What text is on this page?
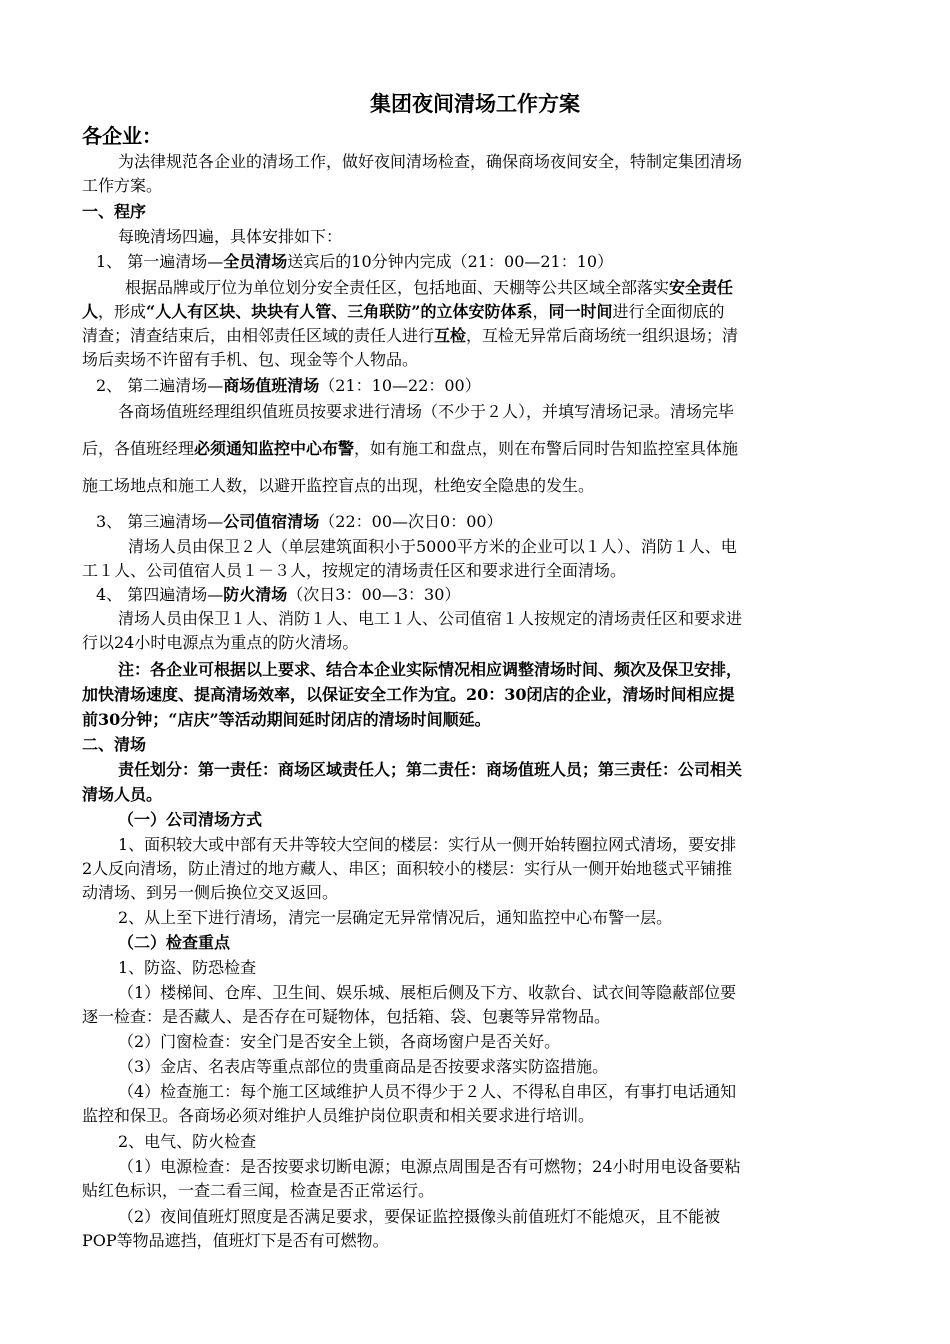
集团夜间清场工作方案
各企业：
为法律规范各企业的清场工作，做好夜间清场检查，确保商场夜间安全，特制定集团清场
工作方案。
一、程序
每晚清场四遍，具体安排如下：
1、 第一遍清场—全员清场送宾后的10分钟内完成（21：00—21：10）
根据品牌或厅位为单位划分安全责任区，包括地面、天棚等公共区域全部落实安全责任
人，形成“人人有区块、块块有人管、三角联防”的立体安防体系，同一时间进行全面彻底的
清查；清查结束后，由相邻责任区域的责任人进行互检，互检无异常后商场统一组织退场；清
场后卖场不许留有手机、包、现金等个人物品。
2、 第二遍清场—商场值班清场（21：10—22：00）
各商场值班经理组织值班员按要求进行清场（不少于２人），并填写清场记录。清场完毕
后，各值班经理必须通知监控中心布警，如有施工和盘点，则在布警后同时告知监控室具体施
施工场地点和施工人数，以避开监控盲点的出现，杜绝安全隐患的发生。
3、 第三遍清场—公司值宿清场（22：00—次日0：00）
清场人员由保卫２人（单层建筑面积小于5000平方米的企业可以１人）、消防１人、电
工１人、公司值宿人员１－３人，按规定的清场责任区和要求进行全面清场。
4、 第四遍清场—防火清场（次日3：00—3：30）
清场人员由保卫１人、消防１人、电工１人、公司值宿１人按规定的清场责任区和要求进
行以24小时电源点为重点的防火清场。
注：各企业可根据以上要求、结合本企业实际情况相应调整清场时间、频次及保卫安排，
加快清场速度、提高清场效率，以保证安全工作为宜。20：30闭店的企业，清场时间相应提
前30分钟；“店庆”等活动期间延时闭店的清场时间顺延。
二、清场
责任划分：第一责任：商场区域责任人；第二责任：商场值班人员；第三责任：公司相关
清场人员。
（一）公司清场方式
1、面积较大或中部有天井等较大空间的楼层：实行从一侧开始转圈拉网式清场，要安排
2人反向清场，防止清过的地方藏人、串区；面积较小的楼层：实行从一侧开始地毯式平铺推
动清场、到另一侧后换位交叉返回。
2、从上至下进行清场，清完一层确定无异常情况后，通知监控中心布警一层。
（二）检查重点
1、防盗、防恐检查
（1）楼梯间、仓库、卫生间、娱乐城、展柜后侧及下方、收款台、试衣间等隐蔽部位要
逐一检查：是否藏人、是否存在可疑物体，包括箱、袋、包裹等异常物品。
（2）门窗检查：安全门是否安全上锁，各商场窗户是否关好。
（3）金店、名表店等重点部位的贵重商品是否按要求落实防盗措施。
（4）检查施工：每个施工区域维护人员不得少于２人、不得私自串区，有事打电话通知
监控和保卫。各商场必须对维护人员维护岗位职责和相关要求进行培训。
2、电气、防火检查
（1）电源检查：是否按要求切断电源；电源点周围是否有可燃物；24小时用电设备要粘
贴红色标识，一查二看三闻，检查是否正常运行。
（2）夜间值班灯照度是否满足要求，要保证监控摄像头前值班灯不能熄灭，且不能被
POP等物品遮挡，值班灯下是否有可燃物。
